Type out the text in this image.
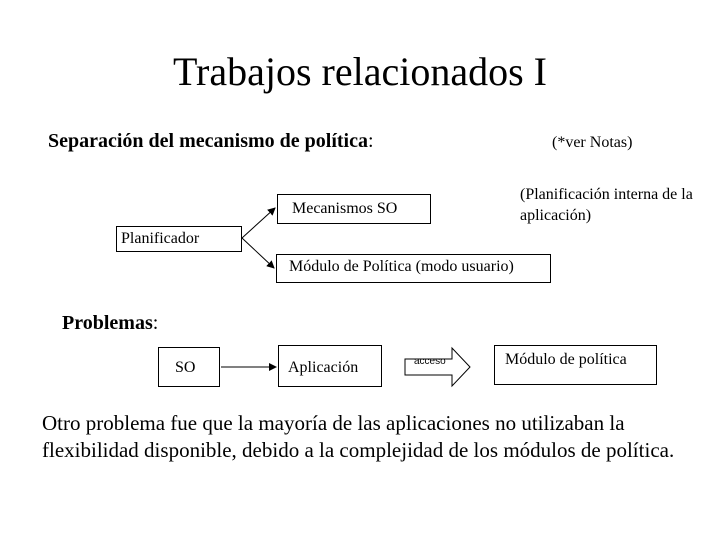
Trabajos relacionados I
Separación del mecanismo de política:	(*ver Notas)
Mecanismos SO
Planificador
Módulo de Política (modo usuario)
(Planificación interna de la aplicación)
Problemas:
SO	Aplicación	acceso	Módulo de política
Otro problema fue que la mayoría de las aplicaciones no utilizaban la flexibilidad disponible, debido a la complejidad de los módulos de política.
